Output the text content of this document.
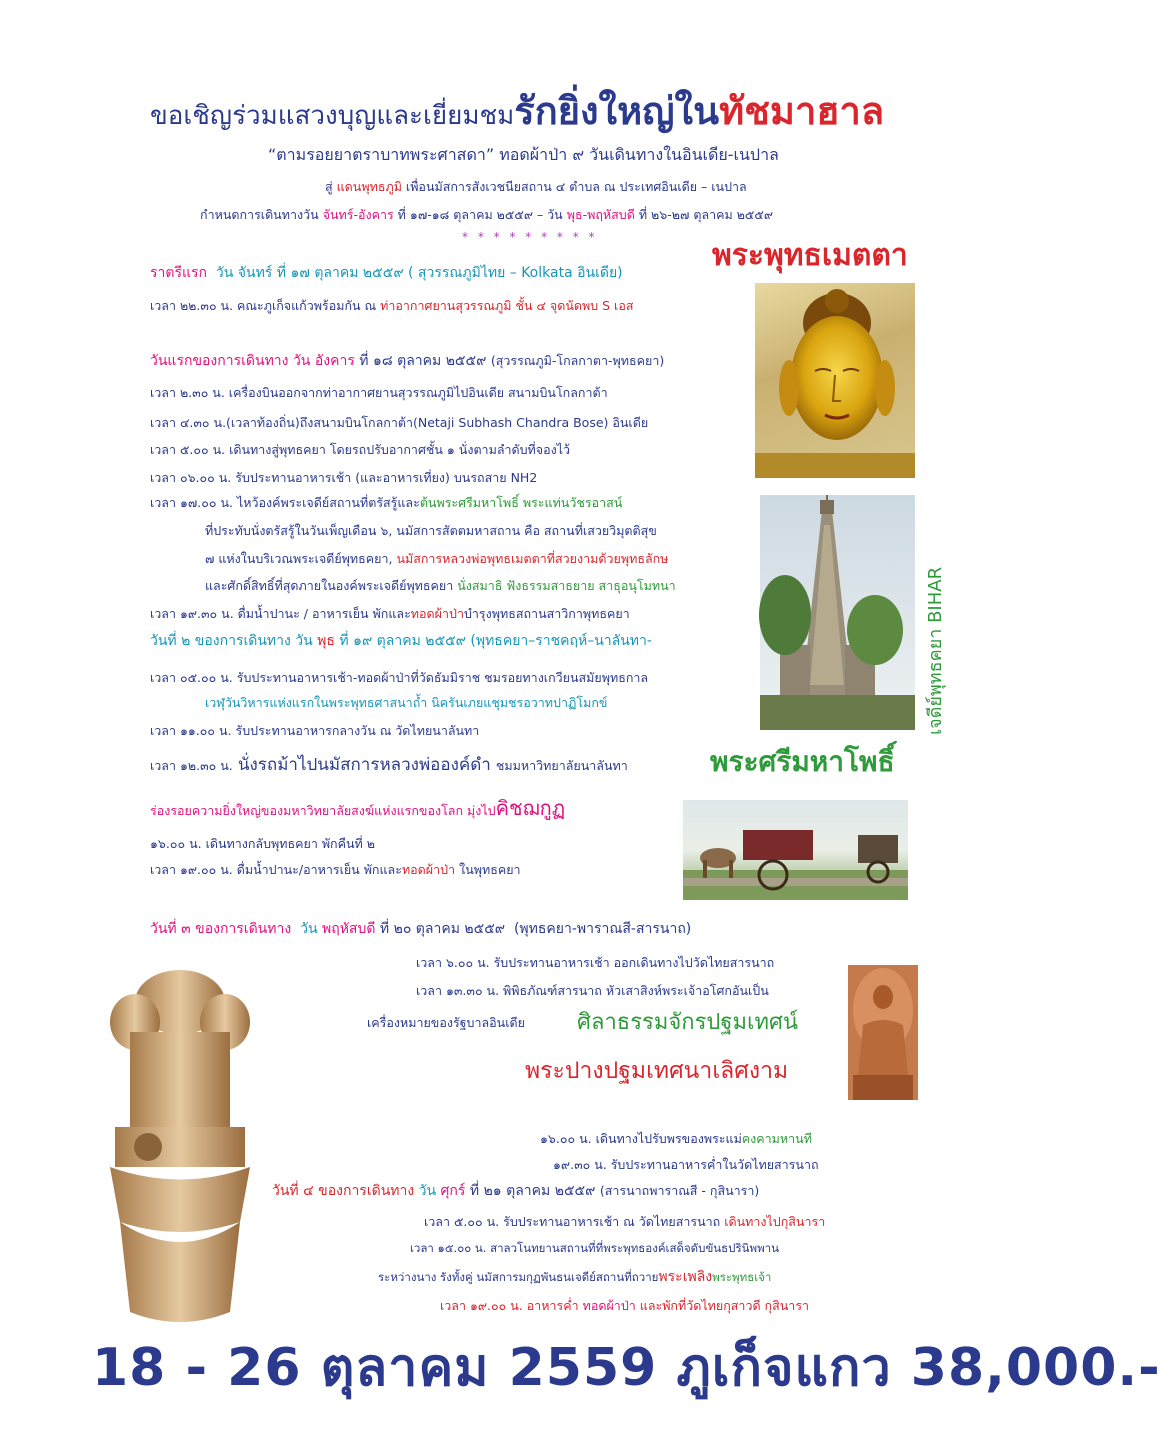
ขอเชิญร่วมแสวงบุญและเยี่ยมชมรักยิ่งใหญ่ในทัชมาฮาล
“ตามรอยยาตราบาทพระศาสดา” ทอดผ้าป่า ๙ วันเดินทางในอินเดีย-เนปาล
สู่ แดนพุทธภูมิ เพื่อนมัสการสังเวชนียสถาน ๔ ตำบล ณ ประเทศอินเดีย – เนปาล
กำหนดการเดินทางวัน จันทร์-อังคาร ที่ ๑๗-๑๘ ตุลาคม ๒๕๕๙ – วัน พุธ-พฤหัสบดี ที่ ๒๖-๒๗ ตุลาคม ๒๕๕๙
* * * * * * * * *
พระพุทธเมตตา
ราตรีแรก วัน จันทร์ ที่ ๑๗ ตุลาคม ๒๕๕๙ ( สุวรรณภูมิไทย – Kolkata อินเดีย)
เวลา ๒๒.๓๐ น. คณะภูเก็จแก้วพร้อมกัน ณ ท่าอากาศยานสุวรรณภูมิ ชั้น ๔ จุดนัดพบ S เอส
วันแรกของการเดินทาง วัน อังคาร ที่ ๑๘ ตุลาคม ๒๕๕๙ (สุวรรณภูมิ-โกลกาตา-พุทธคยา)
เวลา ๒.๓๐ น. เครื่องบินออกจากท่าอากาศยานสุวรรณภูมิไปอินเดีย สนามบินโกลกาต้า
เวลา ๔.๓๐ น.(เวลาท้องถิ่น)ถึงสนามบินโกลกาต้า(Netaji Subhash Chandra Bose) อินเดีย
เวลา ๕.๐๐ น. เดินทางสู่พุทธคยา โดยรถปรับอากาศชั้น ๑ นั่งตามลำดับที่จองไว้
เวลา ๐๖.๐๐ น. รับประทานอาหารเช้า (และอาหารเที่ยง) บนรถสาย NH2
เวลา ๑๗.๐๐ น. ไหว้องค์พระเจดีย์สถานที่ตรัสรู้และต้นพระศรีมหาโพธิ์ พระแท่นวัชรอาสน์
ที่ประทับนั่งตรัสรู้ในวันเพ็ญเดือน ๖, นมัสการสัตตมหาสถาน คือ สถานที่เสวยวิมุตติสุข
๗ แห่งในบริเวณพระเจดีย์พุทธคยา, นมัสการหลวงพ่อพุทธเมตตาที่สวยงามด้วยพุทธลักษ
และศักดิ์สิทธิ์ที่สุดภายในองค์พระเจดีย์พุทธคยา นั่งสมาธิ ฟังธรรมสาธยาย สาธุอนุโมทนา
เวลา ๑๙.๓๐ น. ดื่มน้ำปานะ / อาหารเย็น พักและทอดผ้าป่าบำรุงพุทธสถานสาวิกาพุทธคยา	เจดีย์พุทธคยา BIHAR
วันที่ ๒ ของการเดินทาง วัน พุธ ที่ ๑๙ ตุลาคม ๒๕๕๙ (พุทธคยา–ราชคฤห์–นาลันทา-
เวลา ๐๕.๐๐ น. รับประทานอาหารเช้า-ทอดผ้าป่าที่วัดธัมมิราช ชมรอยทางเกวียนสมัยพุทธกาล
เวฬุวันวิหารแห่งแรกในพระพุทธศาสนาถ้ำ นิครันเภยแชุมชรอวาทปาฏิโมกข์
เวลา ๑๑.๐๐ น. รับประทานอาหารกลางวัน ณ วัดไทยนาลันทา
เวลา ๑๒.๓๐ น. นั่งรถม้าไปนมัสการหลวงพ่อองค์ดำ ชมมหาวิทยาลัยนาลันทา	พระศรีมหาโพธิ์
ร่องรอยความยิ่งใหญ่ของมหาวิทยาลัยสงฆ์แห่งแรกของโลก มุ่งไปคิชฌกูฏ
๑๖.๐๐ น. เดินทางกลับพุทธคยา พักคืนที่ ๒
เวลา ๑๙.๐๐ น. ดื่มน้ำปานะ/อาหารเย็น พักและทอดผ้าป่า ในพุทธคยา
วันที่ ๓ ของการเดินทาง วัน พฤหัสบดี ที่ ๒๐ ตุลาคม ๒๕๕๙ (พุทธคยา-พาราณสี-สารนาถ)
เวลา ๖.๐๐ น. รับประทานอาหารเช้า ออกเดินทางไปวัดไทยสารนาถ
เวลา ๑๓.๓๐ น. พิพิธภัณฑ์สารนาถ หัวเสาสิงห์พระเจ้าอโศกอันเป็น
เครื่องหมายของรัฐบาลอินเดีย ศิลาธรรมจักรปฐมเทศน์
พระปางปฐมเทศนาเลิศงาม
๑๖.๐๐ น. เดินทางไปรับพรของพระแม่คงคามหานที
๑๙.๓๐ น. รับประทานอาหารค่ำในวัดไทยสารนาถ
วันที่ ๔ ของการเดินทาง วัน ศุกร์ ที่ ๒๑ ตุลาคม ๒๕๕๙ (สารนาถพาราณสี - กุสินารา)
เวลา ๕.๐๐ น. รับประทานอาหารเช้า ณ วัดไทยสารนาถ เดินทางไปกุสินารา
เวลา ๑๕.๐๐ น. สาลวโนทยานสถานที่ที่พระพุทธองค์เสด็จดับขันธปรินิพพาน
ระหว่างนาง รังทั้งคู่ นมัสการมกุฏพันธนเจดีย์สถานที่ถวายพระเพลิงพระพุทธเจ้า
เวลา ๑๙.๐๐ น. อาหารค่ำ ทอดผ้าป่า และพักที่วัดไทยกุสาวดี กุสินารา
18 - 26 ตุลาคม 2559 ภูเก็จแกว 38,000.-
